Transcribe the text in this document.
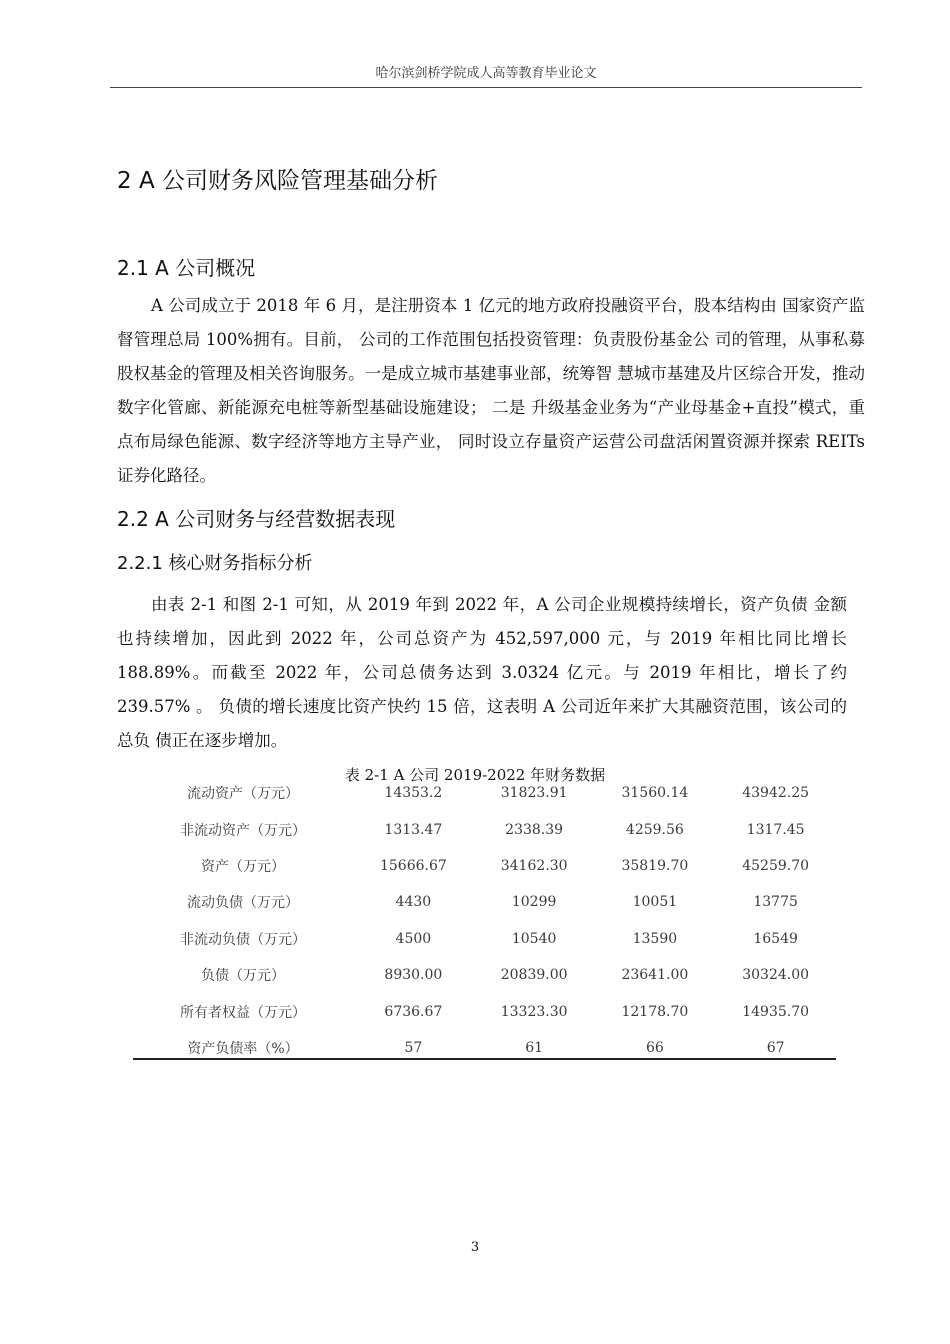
哈尔滨剑桥学院成人高等教育毕业论文
2 A 公司财务风险管理基础分析
2.1 A 公司概况

A 公司成立于 2018 年 6 月，是注册资本 1 亿元的地方政府投融资平台，股本结构由 国家资产监督管理总局 100%拥有。目前， 公司的工作范围包括投资管理：负责股份基金公 司的管理，从事私募股权基金的管理及相关咨询服务。一是成立城市基建事业部，统筹智 慧城市基建及片区综合开发，推动数字化管廊、新能源充电桩等新型基础设施建设； 二是 升级基金业务为“产业母基金+直投”模式，重点布局绿色能源、数字经济等地方主导产业， 同时设立存量资产运营公司盘活闲置资源并探索 REITs 证券化路径。

2.2 A 公司财务与经营数据表现
2.2.1 核心财务指标分析

由表 2-1 和图 2-1 可知，从 2019 年到 2022 年，A 公司企业规模持续增长，资产负债 金额也持续增加，因此到 2022 年，公司总资产为 452,597,000 元，与 2019 年相比同比增长 188.89%。而截至 2022 年，公司总债务达到 3.0324 亿元。与 2019 年相比，增长了约 239.57% 。 负债的增长速度比资产快约 15 倍，这表明 A 公司近年来扩大其融资范围，该公司的总负 债正在逐步增加。

流动资产（万元）	14353.2	31823.91	31560.14	43942.25
非流动资产（万元）	1313.47	2338.39	4259.56	1317.45
资产（万元）	15666.67	34162.30	35819.70	45259.70
流动负债（万元）	4430	10299	10051	13775
非流动负债（万元）	4500	10540	13590	16549
负债（万元）	8930.00	20839.00	23641.00	30324.00
所有者权益（万元）	6736.67	13323.30	12178.70	14935.70
资产负债率（%）	57	61	66	67
表 2-1 A 公司 2019-2022 年财务数据
3
